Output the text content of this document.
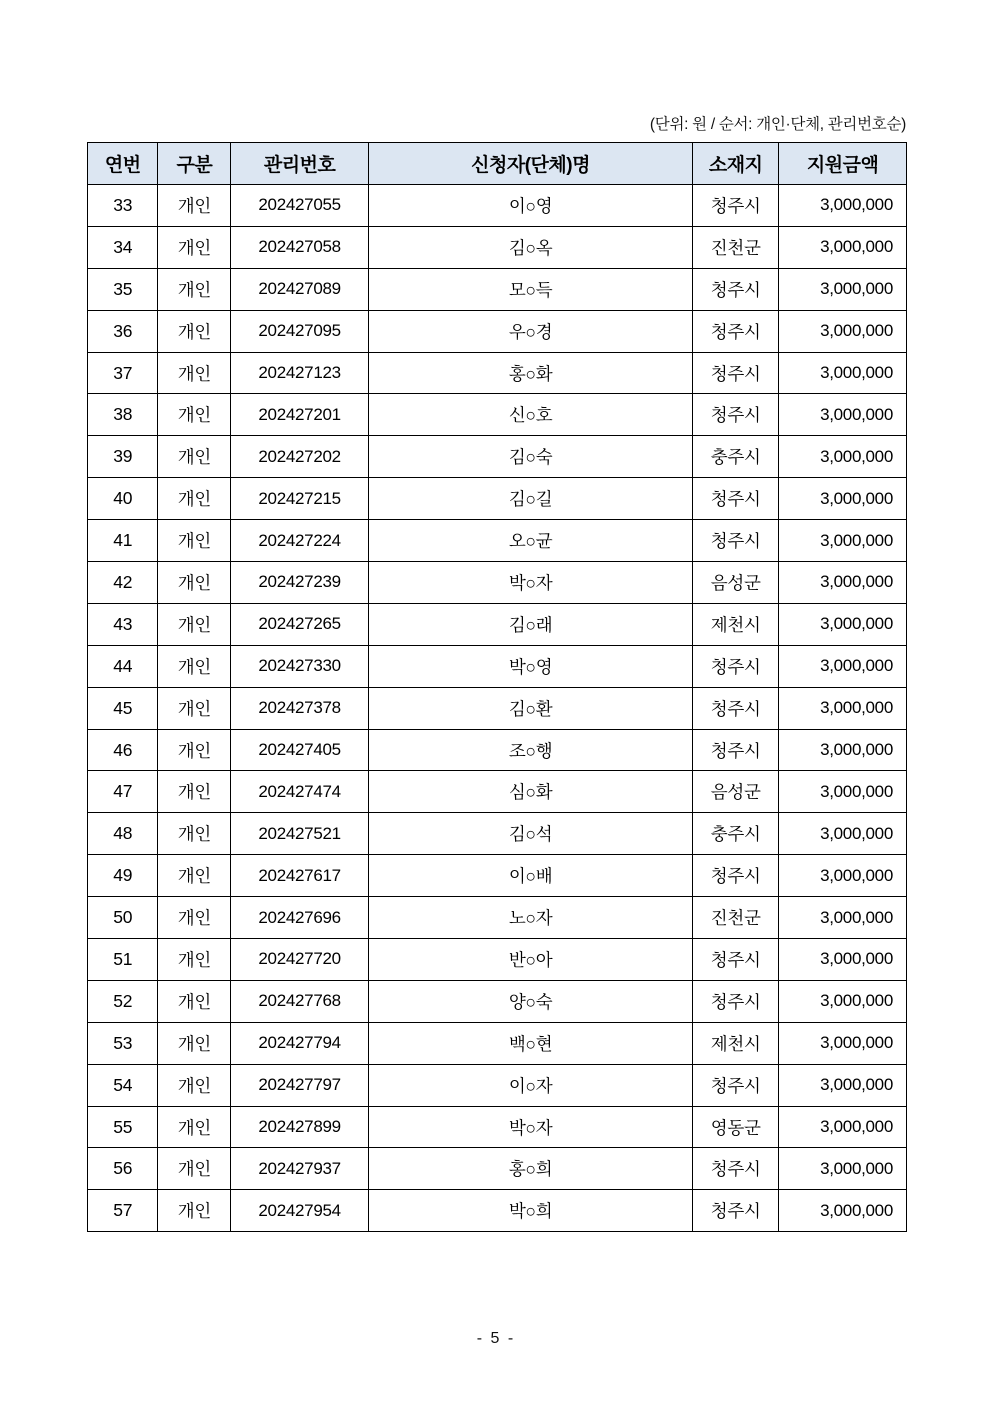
(단위: 원 / 순서: 개인·단체, 관리번호순)
연번	구분	관리번호	신청자(단체)명	소재지	지원금액
33	개인	202427055	이○영	청주시	3,000,000
34	개인	202427058	김○옥	진천군	3,000,000
35	개인	202427089	모○득	청주시	3,000,000
36	개인	202427095	우○경	청주시	3,000,000
37	개인	202427123	홍○화	청주시	3,000,000
38	개인	202427201	신○호	청주시	3,000,000
39	개인	202427202	김○숙	충주시	3,000,000
40	개인	202427215	김○길	청주시	3,000,000
41	개인	202427224	오○균	청주시	3,000,000
42	개인	202427239	박○자	음성군	3,000,000
43	개인	202427265	김○래	제천시	3,000,000
44	개인	202427330	박○영	청주시	3,000,000
45	개인	202427378	김○환	청주시	3,000,000
46	개인	202427405	조○행	청주시	3,000,000
47	개인	202427474	심○화	음성군	3,000,000
48	개인	202427521	김○석	충주시	3,000,000
49	개인	202427617	이○배	청주시	3,000,000
50	개인	202427696	노○자	진천군	3,000,000
51	개인	202427720	반○아	청주시	3,000,000
52	개인	202427768	양○숙	청주시	3,000,000
53	개인	202427794	백○현	제천시	3,000,000
54	개인	202427797	이○자	청주시	3,000,000
55	개인	202427899	박○자	영동군	3,000,000
56	개인	202427937	홍○희	청주시	3,000,000
57	개인	202427954	박○희	청주시	3,000,000
- 5 -
